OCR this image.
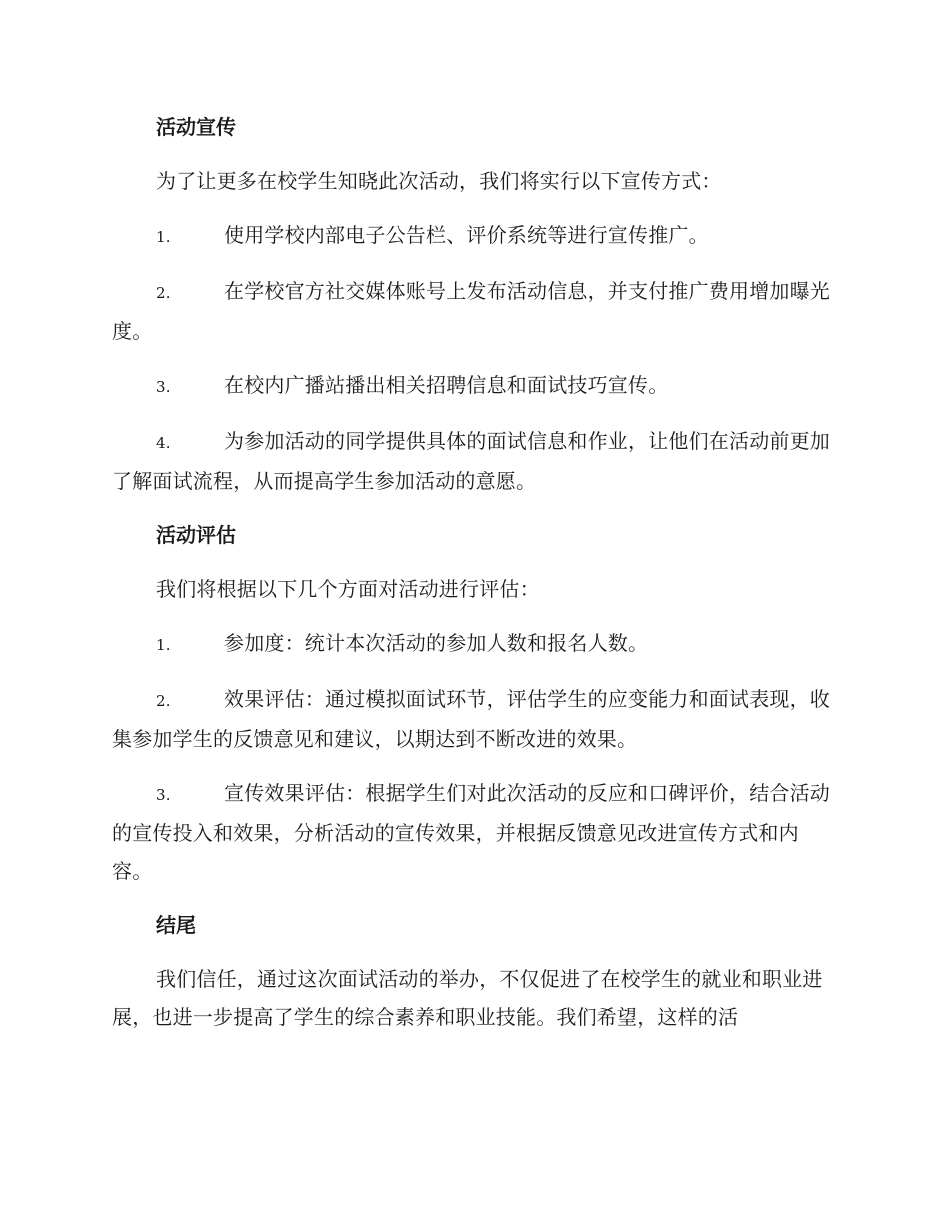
活动宣传

为了让更多在校学生知晓此次活动，我们将实行以下宣传方式：

1.	使用学校内部电子公告栏、评价系统等进行宣传推广。
2.	在学校官方社交媒体账号上发布活动信息，并支付推广费用增加曝光度。
3.	在校内广播站播出相关招聘信息和面试技巧宣传。
4.	为参加活动的同学提供具体的面试信息和作业，让他们在活动前更加了解面试流程，从而提高学生参加活动的意愿。
活动评估

我们将根据以下几个方面对活动进行评估：

1.	参加度：统计本次活动的参加人数和报名人数。
2.	效果评估：通过模拟面试环节，评估学生的应变能力和面试表现，收集参加学生的反馈意见和建议，以期达到不断改进的效果。
3.	宣传效果评估：根据学生们对此次活动的反应和口碑评价，结合活动的宣传投入和效果，分析活动的宣传效果，并根据反馈意见改进宣传方式和内容。
结尾

我们信任，通过这次面试活动的举办，不仅促进了在校学生的就业和职业进展，也进一步提高了学生的综合素养和职业技能。我们希望，这样的活
